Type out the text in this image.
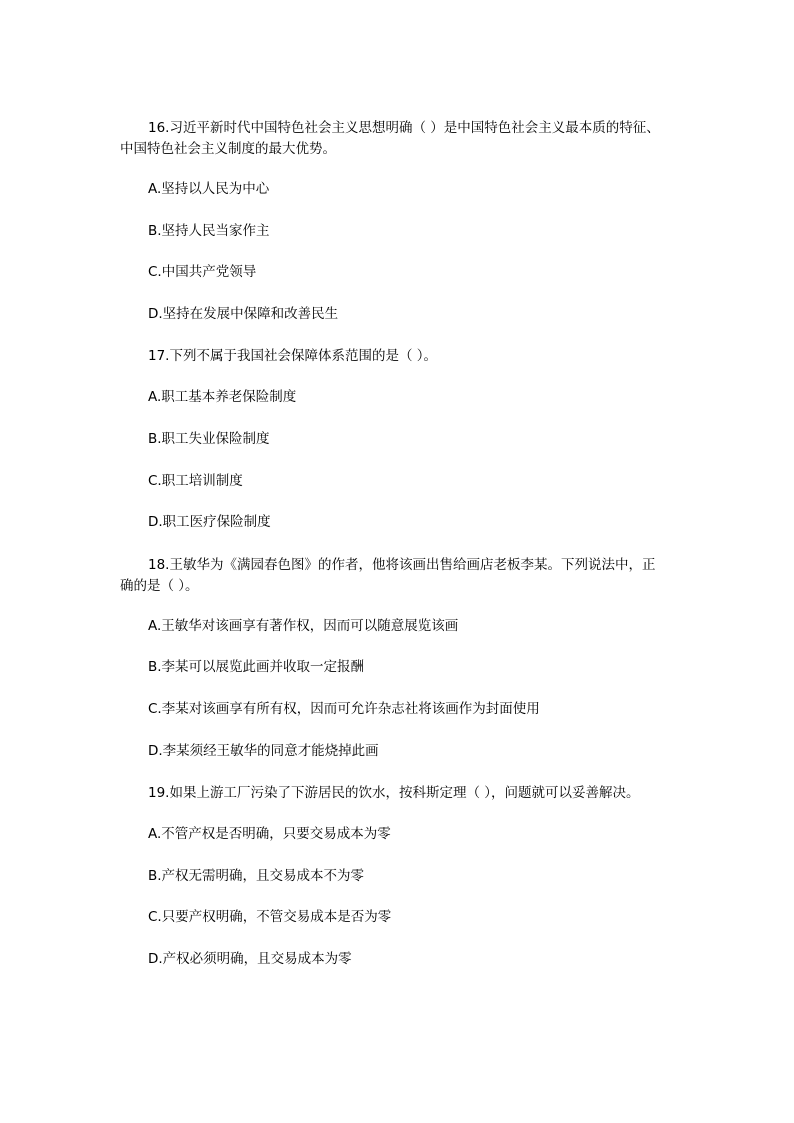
16.习近平新时代中国特色社会主义思想明确（ ）是中国特色社会主义最本质的特征、
中国特色社会主义制度的最大优势。
A.坚持以人民为中心
B.坚持人民当家作主
C.中国共产党领导
D.坚持在发展中保障和改善民生
17.下列不属于我国社会保障体系范围的是（ ）。
A.职工基本养老保险制度
B.职工失业保险制度
C.职工培训制度
D.职工医疗保险制度
18.王敏华为《满园春色图》的作者，他将该画出售给画店老板李某。下列说法中，正
确的是（ ）。
A.王敏华对该画享有著作权，因而可以随意展览该画
B.李某可以展览此画并收取一定报酬
C.李某对该画享有所有权，因而可允许杂志社将该画作为封面使用
D.李某须经王敏华的同意才能烧掉此画
19.如果上游工厂污染了下游居民的饮水，按科斯定理（ ），问题就可以妥善解决。
A.不管产权是否明确，只要交易成本为零
B.产权无需明确，且交易成本不为零
C.只要产权明确，不管交易成本是否为零
D.产权必须明确，且交易成本为零
